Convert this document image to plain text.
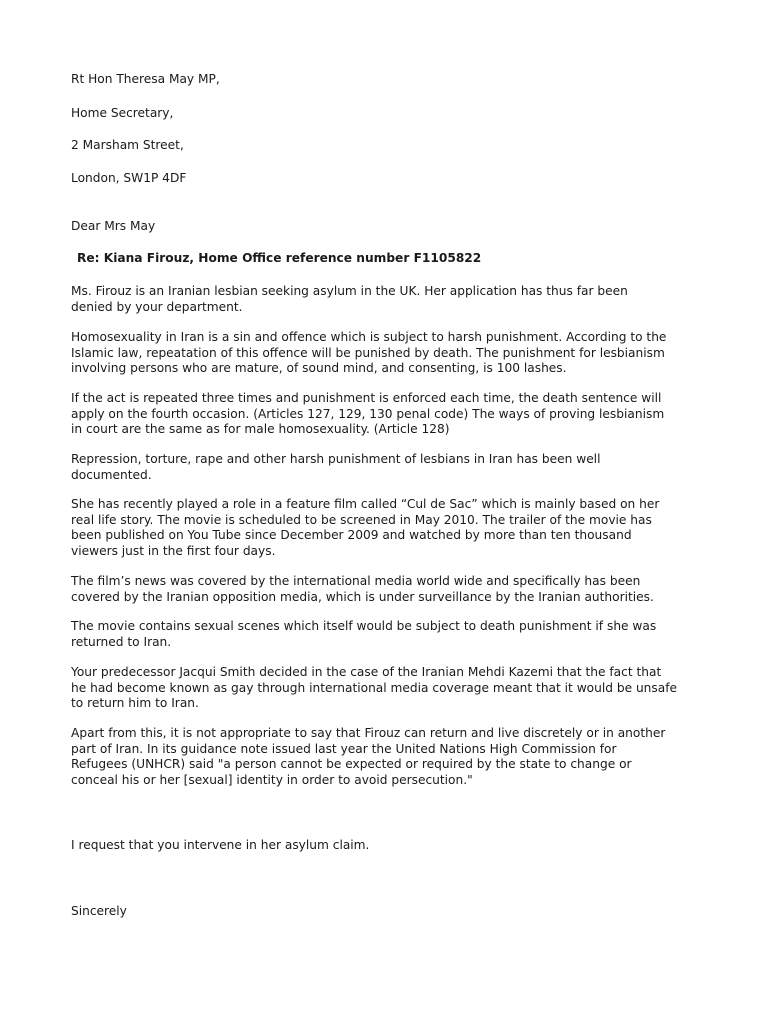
Rt Hon Theresa May MP,

Home Secretary,

2 Marsham Street,

London, SW1P 4DF

Dear Mrs May

Re: Kiana Firouz, Home Office reference number F1105822

Ms. Firouz is an Iranian lesbian seeking asylum in the UK. Her application has thus far been
denied by your department.

Homosexuality in Iran is a sin and offence which is subject to harsh punishment. According to the
Islamic law, repeatation of this offence will be punished by death. The punishment for lesbianism
involving persons who are mature, of sound mind, and consenting, is 100 lashes.

If the act is repeated three times and punishment is enforced each time, the death sentence will
apply on the fourth occasion. (Articles 127, 129, 130 penal code) The ways of proving lesbianism
in court are the same as for male homosexuality. (Article 128)

Repression, torture, rape and other harsh punishment of lesbians in Iran has been well
documented.

She has recently played a role in a feature film called “Cul de Sac” which is mainly based on her
real life story. The movie is scheduled to be screened in May 2010. The trailer of the movie has
been published on You Tube since December 2009 and watched by more than ten thousand
viewers just in the first four days.

The film’s news was covered by the international media world wide and specifically has been
covered by the Iranian opposition media, which is under surveillance by the Iranian authorities.

The movie contains sexual scenes which itself would be subject to death punishment if she was
returned to Iran.

Your predecessor Jacqui Smith decided in the case of the Iranian Mehdi Kazemi that the fact that
he had become known as gay through international media coverage meant that it would be unsafe
to return him to Iran.

Apart from this, it is not appropriate to say that Firouz can return and live discretely or in another
part of Iran. In its guidance note issued last year the United Nations High Commission for
Refugees (UNHCR) said "a person cannot be expected or required by the state to change or
conceal his or her [sexual] identity in order to avoid persecution."

I request that you intervene in her asylum claim.

Sincerely
